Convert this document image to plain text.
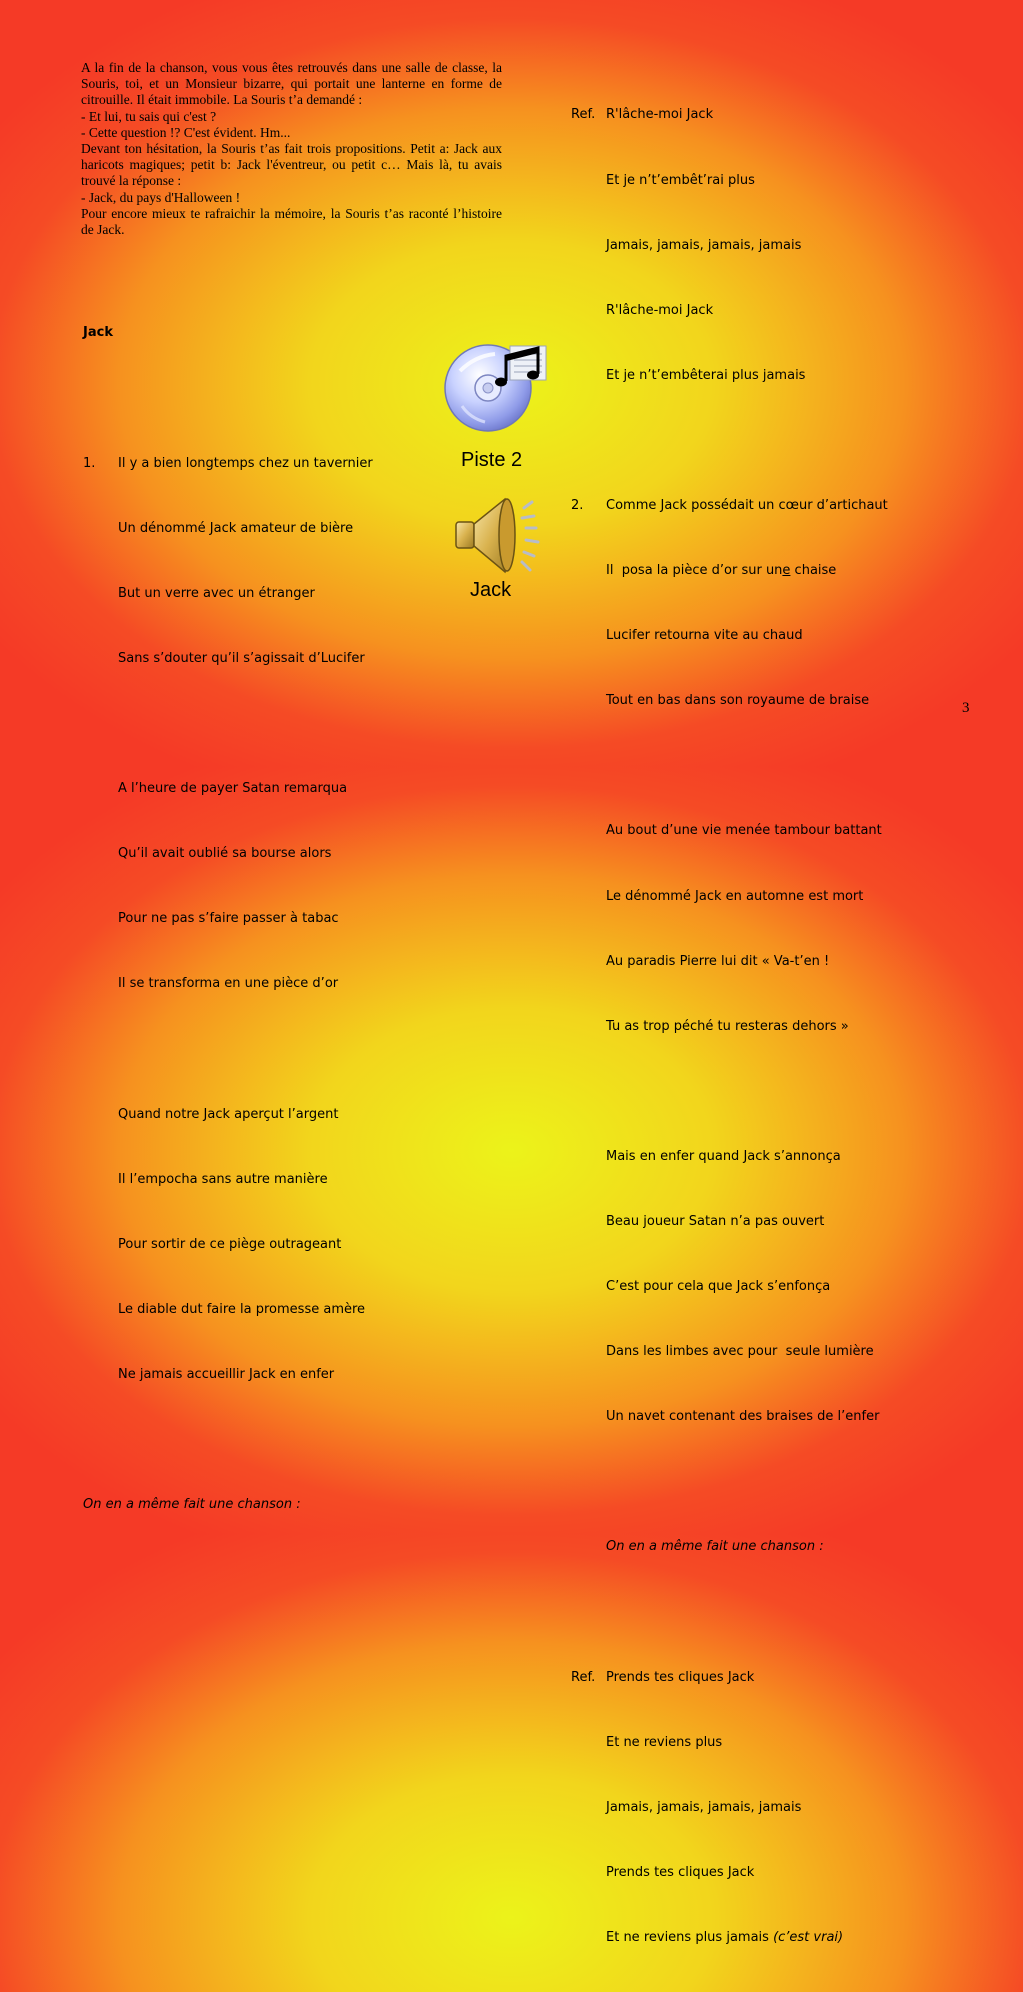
A la fin de la chanson, vous vous êtes retrouvés dans une salle de classe, la Souris, toi, et un Monsieur bizarre, qui portait une lanterne en forme de citrouille. Il était immobile. La Souris t’a demandé :

- Et lui, tu sais qui c'est ?

- Cette question !? C'est évident. Hm...

Devant ton hésitation, la Souris t’as fait trois propositions. Petit a: Jack aux haricots magiques; petit b: Jack l'éventreur, ou petit c… Mais là, tu avais trouvé la réponse :

- Jack, du pays d'Halloween !

Pour encore mieux te rafraichir la mémoire, la Souris t’as raconté l’histoire de Jack.

Jack

1.

Il y a bien longtemps chez un tavernier

Un dénommé Jack amateur de bière

But un verre avec un étranger

Sans s’douter qu’il s’agissait d’Lucifer

A l’heure de payer Satan remarqua

Qu’il avait oublié sa bourse alors

Pour ne pas s’faire passer à tabac

Il se transforma en une pièce d’or

Quand notre Jack aperçut l’argent

Il l’empocha sans autre manière

Pour sortir de ce piège outrageant

Le diable dut faire la promesse amère

Ne jamais accueillir Jack en enfer

On en a même fait une chanson :

Ref.

R'lâche-moi Jack

Et je n’t’embêt’rai plus

Jamais, jamais, jamais, jamais

R'lâche-moi Jack

Et je n’t’embêterai plus jamais

2.

Comme Jack possédait un cœur d’artichaut

Il  posa la pièce d’or sur une chaise

Lucifer retourna vite au chaud

Tout en bas dans son royaume de braise

Au bout d’une vie menée tambour battant

Le dénommé Jack en automne est mort

Au paradis Pierre lui dit « Va-t’en !

Tu as trop péché tu resteras dehors »

Mais en enfer quand Jack s’annonça

Beau joueur Satan n’a pas ouvert

C’est pour cela que Jack s’enfonça

Dans les limbes avec pour  seule lumière

Un navet contenant des braises de l’enfer

On en a même fait une chanson :

Ref.

Prends tes cliques Jack

Et ne reviens plus

Jamais, jamais, jamais, jamais

Prends tes cliques Jack

Et ne reviens plus jamais (c’est vrai)

Piste 2
Jack
3
